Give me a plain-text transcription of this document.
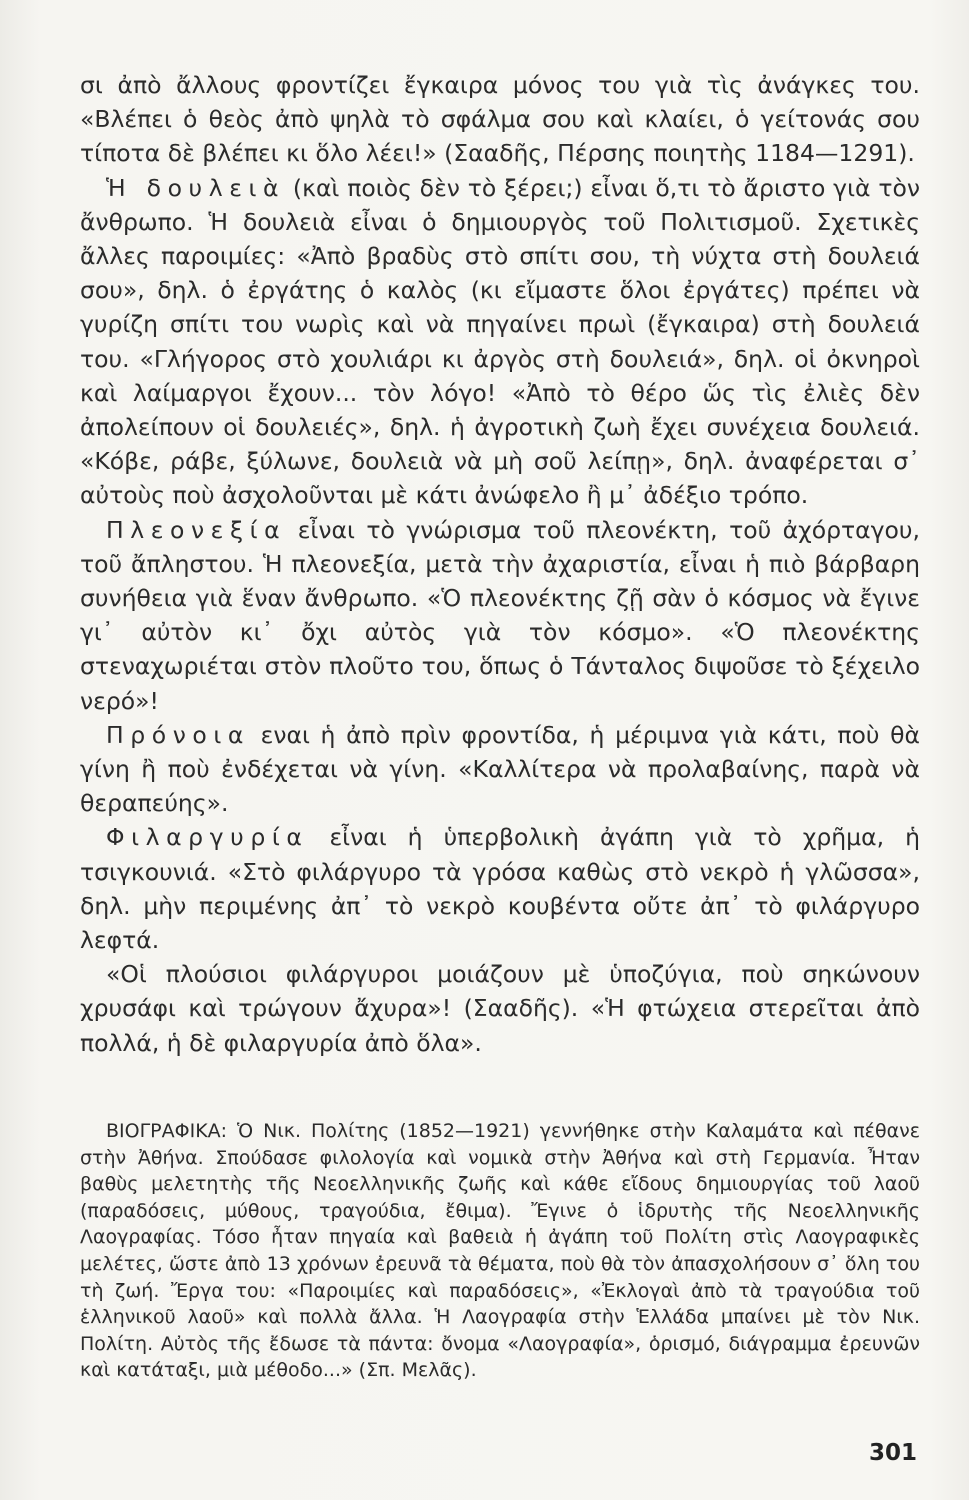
σι ἀπὸ ἄλλους φροντίζει ἔγκαιρα μόνος του γιὰ τὶς ἀνάγκες του. «Βλέπει ὁ θεὸς ἀπὸ ψηλὰ τὸ σφάλμα σου καὶ κλαίει, ὁ γείτονάς σου τίποτα δὲ βλέπει κι ὅλο λέει!» (Σααδῆς, Πέρσης ποιητὴς 1184—1291).

Ἡ δουλειὰ (καὶ ποιὸς δὲν τὸ ξέρει;) εἶναι ὅ,τι τὸ ἄριστο γιὰ τὸν ἄνθρωπο. Ἡ δουλειὰ εἶναι ὁ δημιουργὸς τοῦ Πολιτισμοῦ. Σχετικὲς ἄλλες παροιμίες: «Ἀπὸ βραδὺς στὸ σπίτι σου, τὴ νύχτα στὴ δουλειά σου», δηλ. ὁ ἐργάτης ὁ καλὸς (κι εἴμαστε ὅλοι ἐργάτες) πρέπει νὰ γυρίζη σπίτι του νωρὶς καὶ νὰ πηγαίνει πρωὶ (ἔγκαιρα) στὴ δουλειά του. «Γλήγορος στὸ χουλιάρι κι ἀργὸς στὴ δουλειά», δηλ. οἱ ὀκνηροὶ καὶ λαίμαργοι ἔχουν... τὸν λόγο! «Ἀπὸ τὸ θέρο ὥς τὶς ἐλιὲς δὲν ἀπολείπουν οἱ δουλειές», δηλ. ἡ ἀγροτικὴ ζωὴ ἔχει συνέχεια δουλειά. «Κόβε, ράβε, ξύλωνε, δουλειὰ νὰ μὴ σοῦ λείπῃ», δηλ. ἀναφέρεται σ᾽ αὐτοὺς ποὺ ἀσχολοῦνται μὲ κάτι ἀνώφελο ἢ μ᾽ ἀδέξιο τρόπο.

Πλεονεξία εἶναι τὸ γνώρισμα τοῦ πλεονέκτη, τοῦ ἀχόρταγου, τοῦ ἄπληστου. Ἡ πλεονεξία, μετὰ τὴν ἀχαριστία, εἶναι ἡ πιὸ βάρβαρη συνήθεια γιὰ ἕναν ἄνθρωπο. «Ὁ πλεονέκτης ζῇ σὰν ὁ κόσμος νὰ ἔγινε γι᾽ αὐτὸν κι᾽ ὄχι αὐτὸς γιὰ τὸν κόσμο». «Ὁ πλεονέκτης στεναχωριέται στὸν πλοῦτο του, ὅπως ὁ Τάνταλος διψοῦσε τὸ ξέχειλο νερό»!

Πρόνοια εναι ἡ ἀπὸ πρὶν φροντίδα, ἡ μέριμνα γιὰ κάτι, ποὺ θὰ γίνη ἢ ποὺ ἐνδέχεται νὰ γίνη. «Καλλίτερα νὰ προλαβαίνης, παρὰ νὰ θεραπεύης».

Φιλαργυρία εἶναι ἡ ὑπερβολικὴ ἀγάπη γιὰ τὸ χρῆμα, ἡ τσιγκουνιά. «Στὸ φιλάργυρο τὰ γρόσα καθὼς στὸ νεκρὸ ἡ γλῶσσα», δηλ. μὴν περιμένης ἀπ᾽ τὸ νεκρὸ κουβέντα οὔτε ἀπ᾽ τὸ φιλάργυρο λεφτά.

«Οἱ πλούσιοι φιλάργυροι μοιάζουν μὲ ὑποζύγια, ποὺ σηκώνουν χρυσάφι καὶ τρώγουν ἄχυρα»! (Σααδῆς). «Ἡ φτώχεια στερεῖται ἀπὸ πολλά, ἡ δὲ φιλαργυρία ἀπὸ ὅλα».

ΒΙΟΓΡΑΦΙΚΑ: Ὁ Νικ. Πολίτης (1852—1921) γεννήθηκε στὴν Καλαμάτα καὶ πέθανε στὴν Ἀθήνα. Σπούδασε φιλολογία καὶ νομικὰ στὴν Ἀθήνα καὶ στὴ Γερμανία. Ἦταν βαθὺς μελετητὴς τῆς Νεοελληνικῆς ζωῆς καὶ κάθε εἴδους δημιουργίας τοῦ λαοῦ (παραδόσεις, μύθους, τραγούδια, ἔθιμα). Ἔγινε ὁ ἱδρυτὴς τῆς Νεοελληνικῆς Λαογραφίας. Τόσο ἦταν πηγαία καὶ βαθειὰ ἡ ἀγάπη τοῦ Πολίτη στὶς Λαογραφικὲς μελέτες, ὥστε ἀπὸ 13 χρόνων ἐρευνᾶ τὰ θέματα, ποὺ θὰ τὸν ἀπασχολήσουν σ᾽ ὅλη του τὴ ζωή. Ἔργα του: «Παροιμίες καὶ παραδόσεις», «Ἐκλογαὶ ἀπὸ τὰ τραγούδια τοῦ ἑλληνικοῦ λαοῦ» καὶ πολλὰ ἄλλα. Ἡ Λαογραφία στὴν Ἑλλάδα μπαίνει μὲ τὸν Νικ. Πολίτη. Αὐτὸς τῆς ἔδωσε τὰ πάντα: ὄνομα «Λαογραφία», ὁρισμό, διάγραμμα ἐρευνῶν καὶ κατάταξι, μιὰ μέθοδο...» (Σπ. Μελᾶς).
301
